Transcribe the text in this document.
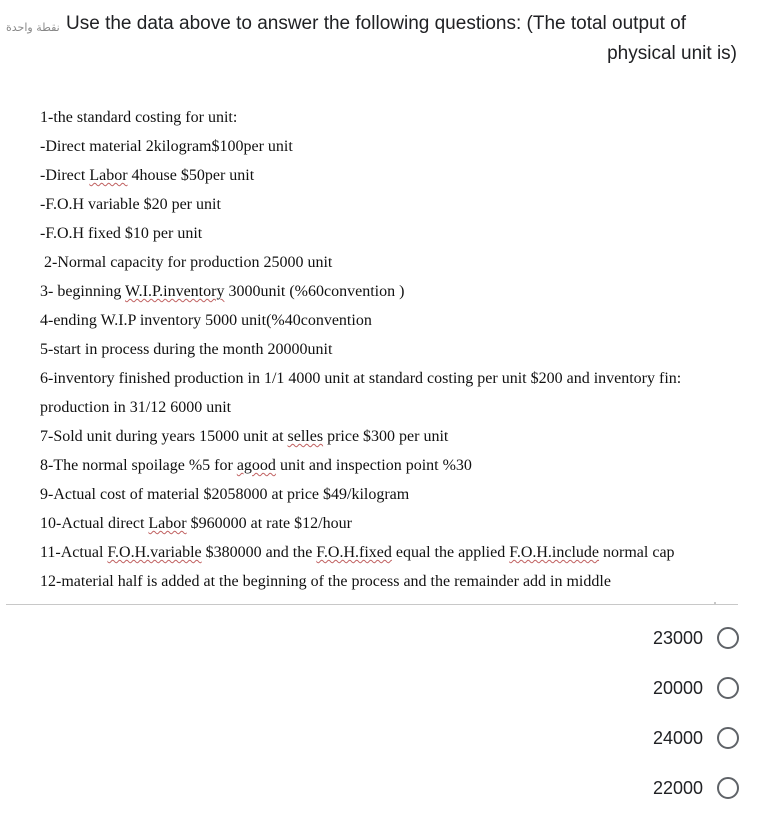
نقطة واحدة Use the data above to answer the following questions: (The total output of
physical unit is)
1-the standard costing for unit:
-Direct material 2kilogram$100per unit
-Direct Labor 4house $50per unit
-F.O.H variable $20 per unit
-F.O.H fixed $10 per unit
2-Normal capacity for production 25000 unit
3- beginning W.I.P.inventory 3000unit (%60convention )
4-ending W.I.P inventory 5000 unit(%40convention
5-start in process during the month 20000unit
6-inventory finished production in 1/1 4000 unit at standard costing per unit $200 and inventory fin:
production in 31/12 6000 unit
7-Sold unit during years 15000 unit at selles price $300 per unit
8-The normal spoilage %5 for agood unit and inspection point %30
9-Actual cost of material $2058000 at price $49/kilogram
10-Actual direct Labor $960000 at rate $12/hour
11-Actual F.O.H.variable $380000 and the F.O.H.fixed equal the applied F.O.H.include normal cap
12-material half is added at the beginning of the process and the remainder add in middle
23000
20000
24000
22000
